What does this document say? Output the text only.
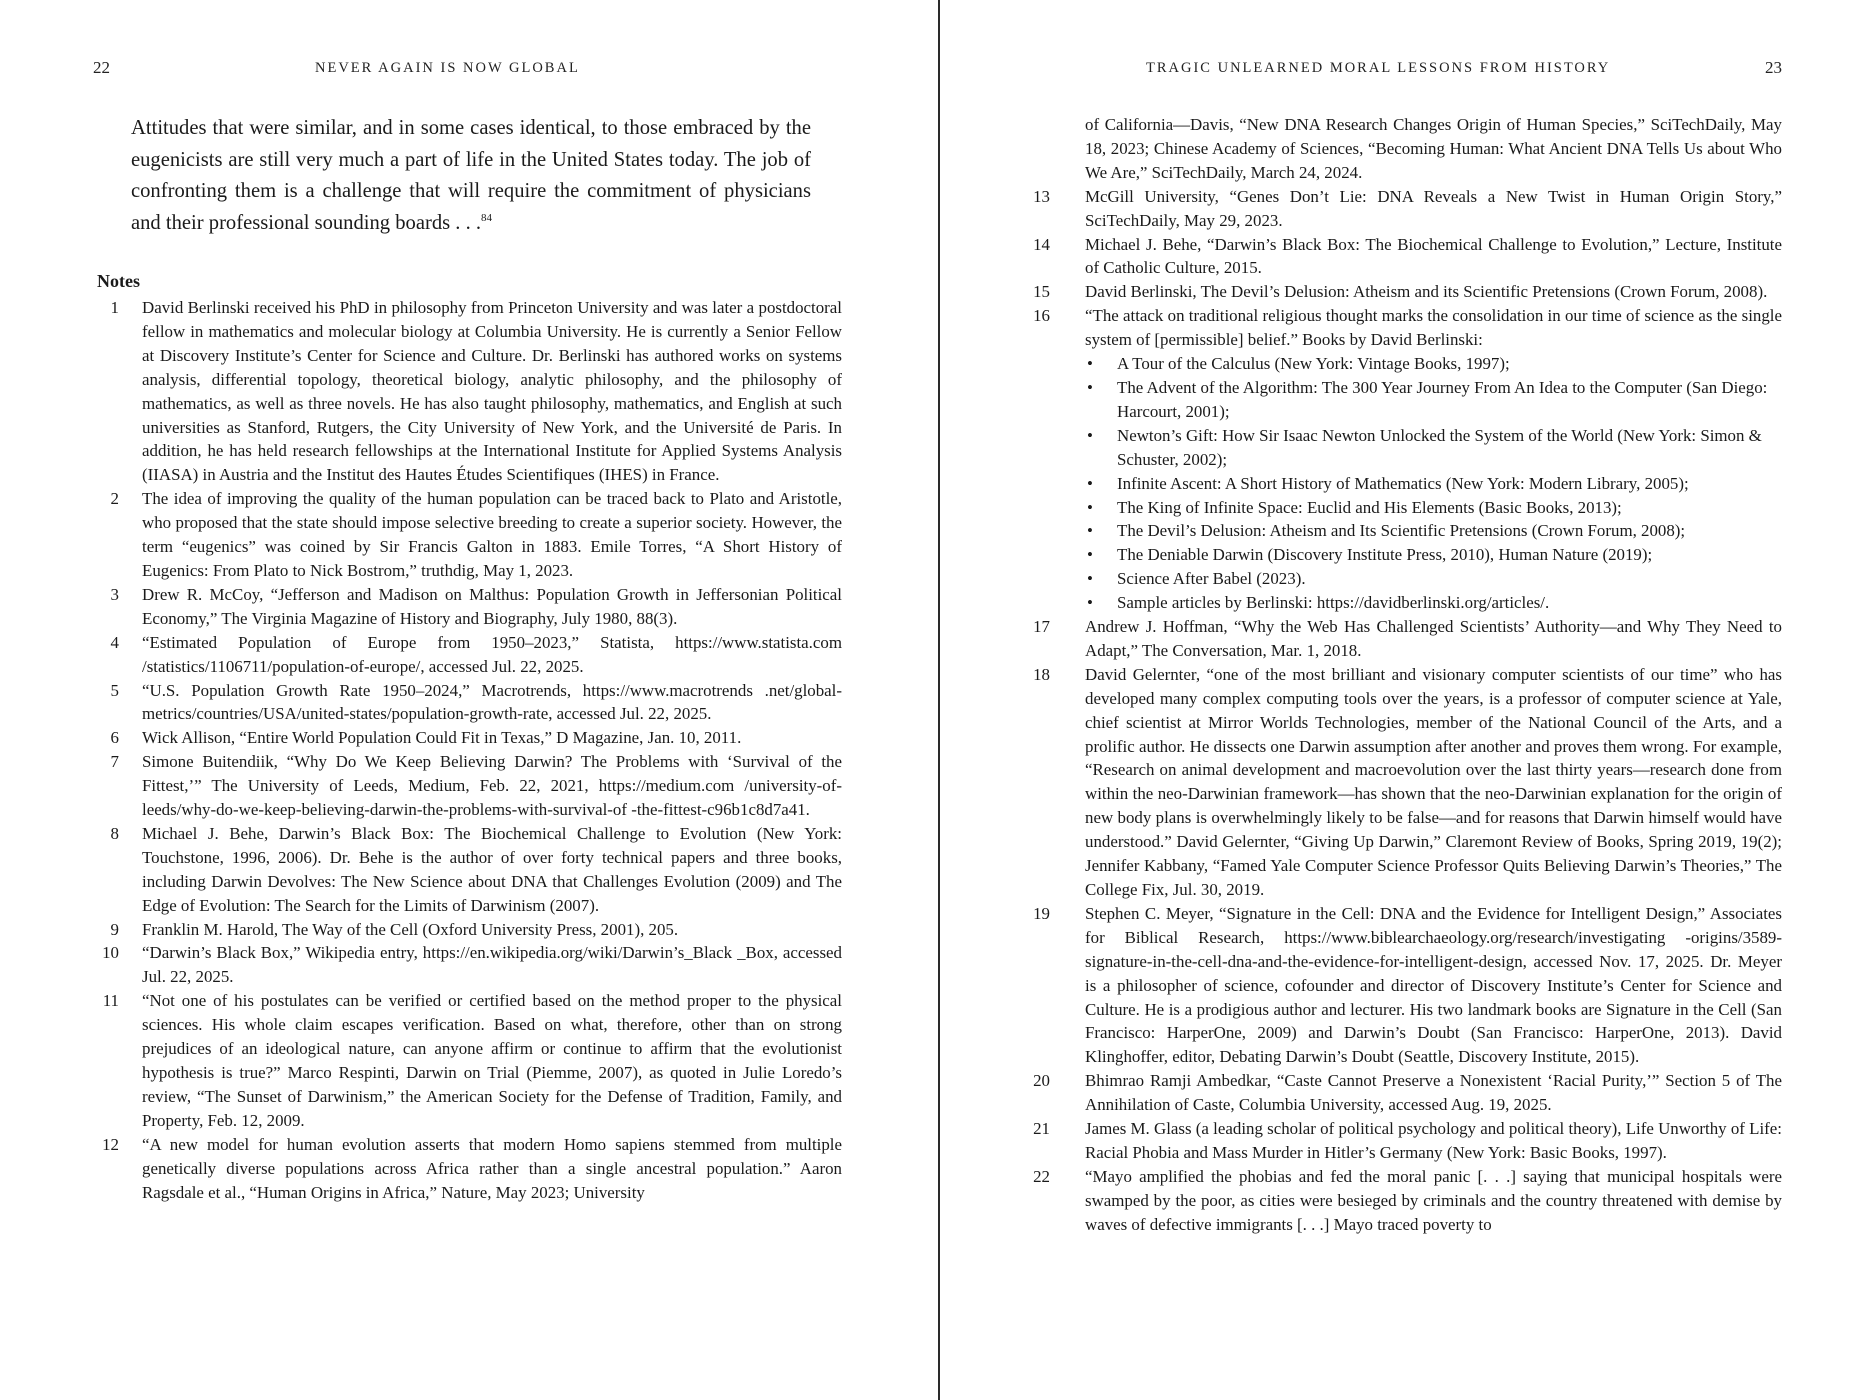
22	NEVER AGAIN IS NOW GLOBAL
Attitudes that were similar, and in some cases identical, to those embraced by the eugenicists are still very much a part of life in the United States today. The job of confronting them is a challenge that will require the commitment of physicians and their professional sounding boards . . .$^{84}$
Notes
1 David Berlinski received his PhD in philosophy from Princeton University and was later a postdoctoral fellow in mathematics and molecular biology at Columbia University. He is currently a Senior Fellow at Discovery Institute’s Center for Science and Culture. Dr. Berlinski has authored works on systems analysis, differential topology, theoretical biology, analytic philosophy, and the philosophy of mathematics, as well as three novels. He has also taught philosophy, mathematics, and English at such universities as Stanford, Rutgers, the City University of New York, and the Université de Paris. In addition, he has held research fellowships at the International Institute for Applied Systems Analysis (IIASA) in Austria and the Institut des Hautes Études Scientifiques (IHES) in France.
2 The idea of improving the quality of the human population can be traced back to Plato and Aristotle, who proposed that the state should impose selective breeding to create a superior society. However, the term “eugenics” was coined by Sir Francis Galton in 1883. Emile Torres, “A Short History of Eugenics: From Plato to Nick Bostrom,” truthdig, May 1, 2023.
3 Drew R. McCoy, “Jefferson and Madison on Malthus: Population Growth in Jeffersonian Political Economy,” The Virginia Magazine of History and Biography, July 1980, 88(3).
4 “Estimated Population of Europe from 1950–2023,” Statista, https://www.statista.com /statistics/1106711/population-of-europe/, accessed Jul. 22, 2025.
5 “U.S. Population Growth Rate 1950–2024,” Macrotrends, https://www.macrotrends .net/global-metrics/countries/USA/united-states/population-growth-rate, accessed Jul. 22, 2025.
6 Wick Allison, “Entire World Population Could Fit in Texas,” D Magazine, Jan. 10, 2011.
7 Simone Buitendiik, “Why Do We Keep Believing Darwin? The Problems with ‘Survival of the Fittest,’” The University of Leeds, Medium, Feb. 22, 2021, https://medium.com /university-of-leeds/why-do-we-keep-believing-darwin-the-problems-with-survival-of -the-fittest-c96b1c8d7a41.
8 Michael J. Behe, Darwin’s Black Box: The Biochemical Challenge to Evolution (New York: Touchstone, 1996, 2006). Dr. Behe is the author of over forty technical papers and three books, including Darwin Devolves: The New Science about DNA that Challenges Evolution (2009) and The Edge of Evolution: The Search for the Limits of Darwinism (2007).
9 Franklin M. Harold, The Way of the Cell (Oxford University Press, 2001), 205.
10 “Darwin’s Black Box,” Wikipedia entry, https://en.wikipedia.org/wiki/Darwin’s_Black _Box, accessed Jul. 22, 2025.
11 “Not one of his postulates can be verified or certified based on the method proper to the physical sciences. His whole claim escapes verification. Based on what, therefore, other than on strong prejudices of an ideological nature, can anyone affirm or continue to affirm that the evolutionist hypothesis is true?” Marco Respinti, Darwin on Trial (Piemme, 2007), as quoted in Julie Loredo’s review, “The Sunset of Darwinism,” the American Society for the Defense of Tradition, Family, and Property, Feb. 12, 2009.
12 “A new model for human evolution asserts that modern Homo sapiens stemmed from multiple genetically diverse populations across Africa rather than a single ancestral population.” Aaron Ragsdale et al., “Human Origins in Africa,” Nature, May 2023; University
TRAGIC UNLEARNED MORAL LESSONS FROM HISTORY	23
of California—Davis, “New DNA Research Changes Origin of Human Species,” SciTechDaily, May 18, 2023; Chinese Academy of Sciences, “Becoming Human: What Ancient DNA Tells Us about Who We Are,” SciTechDaily, March 24, 2024.
13 McGill University, “Genes Don’t Lie: DNA Reveals a New Twist in Human Origin Story,” SciTechDaily, May 29, 2023.
14 Michael J. Behe, “Darwin’s Black Box: The Biochemical Challenge to Evolution,” Lecture, Institute of Catholic Culture, 2015.
15 David Berlinski, The Devil’s Delusion: Atheism and its Scientific Pretensions (Crown Forum, 2008).
16 “The attack on traditional religious thought marks the consolidation in our time of science as the single system of [permissible] belief.” Books by David Berlinski:
• A Tour of the Calculus (New York: Vintage Books, 1997);
• The Advent of the Algorithm: The 300 Year Journey From An Idea to the Computer (San Diego: Harcourt, 2001);
• Newton’s Gift: How Sir Isaac Newton Unlocked the System of the World (New York: Simon & Schuster, 2002);
• Infinite Ascent: A Short History of Mathematics (New York: Modern Library, 2005);
• The King of Infinite Space: Euclid and His Elements (Basic Books, 2013);
• The Devil’s Delusion: Atheism and Its Scientific Pretensions (Crown Forum, 2008);
• The Deniable Darwin (Discovery Institute Press, 2010), Human Nature (2019);
• Science After Babel (2023).
• Sample articles by Berlinski: https://davidberlinski.org/articles/.
17 Andrew J. Hoffman, “Why the Web Has Challenged Scientists’ Authority—and Why They Need to Adapt,” The Conversation, Mar. 1, 2018.
18 David Gelernter, “one of the most brilliant and visionary computer scientists of our time” who has developed many complex computing tools over the years, is a professor of computer science at Yale, chief scientist at Mirror Worlds Technologies, member of the National Council of the Arts, and a prolific author. He dissects one Darwin assumption after another and proves them wrong. For example, “Research on animal development and macroevolution over the last thirty years—research done from within the neo-Darwinian framework—has shown that the neo-Darwinian explanation for the origin of new body plans is overwhelmingly likely to be false—and for reasons that Darwin himself would have understood.” David Gelernter, “Giving Up Darwin,” Claremont Review of Books, Spring 2019, 19(2); Jennifer Kabbany, “Famed Yale Computer Science Professor Quits Believing Darwin’s Theories,” The College Fix, Jul. 30, 2019.
19 Stephen C. Meyer, “Signature in the Cell: DNA and the Evidence for Intelligent Design,” Associates for Biblical Research, https://www.biblearchaeology.org/research/investigating -origins/3589-signature-in-the-cell-dna-and-the-evidence-for-intelligent-design, accessed Nov. 17, 2025. Dr. Meyer is a philosopher of science, cofounder and director of Discovery Institute’s Center for Science and Culture. He is a prodigious author and lecturer. His two landmark books are Signature in the Cell (San Francisco: HarperOne, 2009) and Darwin’s Doubt (San Francisco: HarperOne, 2013). David Klinghoffer, editor, Debating Darwin’s Doubt (Seattle, Discovery Institute, 2015).
20 Bhimrao Ramji Ambedkar, “Caste Cannot Preserve a Nonexistent ‘Racial Purity,’” Section 5 of The Annihilation of Caste, Columbia University, accessed Aug. 19, 2025.
21 James M. Glass (a leading scholar of political psychology and political theory), Life Unworthy of Life: Racial Phobia and Mass Murder in Hitler’s Germany (New York: Basic Books, 1997).
22 “Mayo amplified the phobias and fed the moral panic [. . .] saying that municipal hospitals were swamped by the poor, as cities were besieged by criminals and the country threatened with demise by waves of defective immigrants [. . .] Mayo traced poverty to
